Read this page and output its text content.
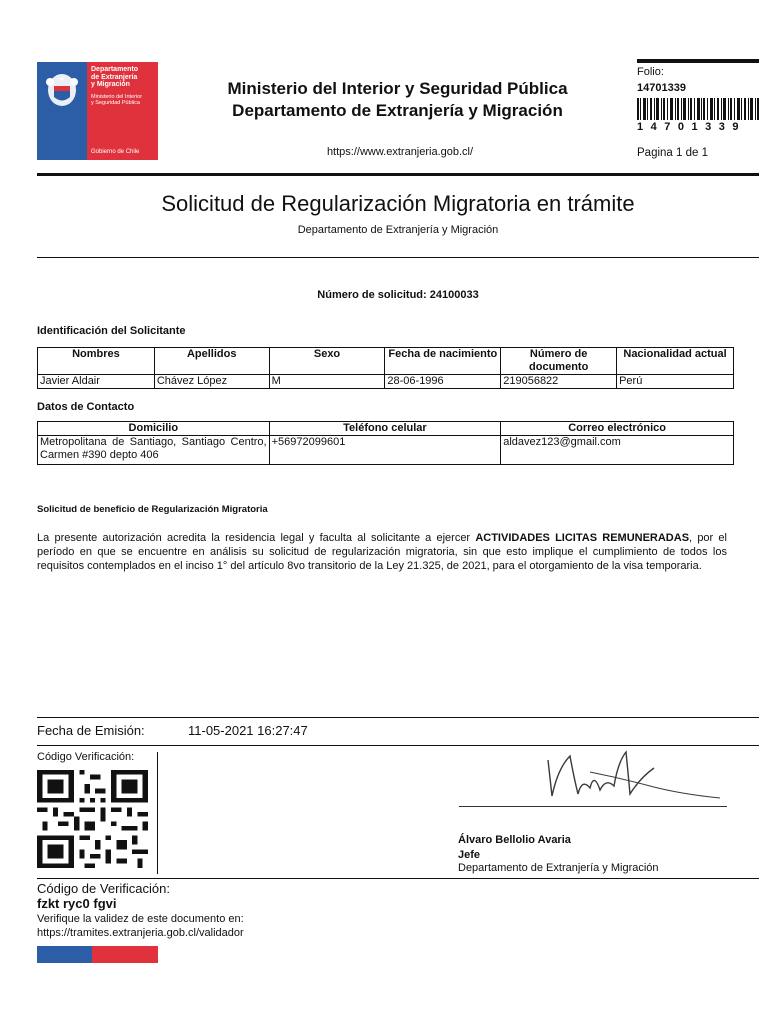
Departamento
de Extranjería
y Migración
Ministerio del Interior
y Seguridad Pública
Gobierno de Chile
Ministerio del Interior y Seguridad Pública
Departamento de Extranjería y Migración
https://www.extranjeria.gob.cl/
Folio:
14701339
14701339
Pagina 1 de 1
Solicitud de Regularización Migratoria en trámite
Departamento de Extranjería y Migración
Número de solicitud: 24100033
Identificación del Solicitante
Nombres	Apellidos	Sexo	Fecha de nacimiento	Número de documento	Nacionalidad actual
Javier Aldair	Chávez López	M	28-06-1996	219056822	Perú
Datos de Contacto
Domicilio	Teléfono celular	Correo electrónico
Metropolitana de Santiago, Santiago Centro, Carmen #390 depto 406	+56972099601	aldavez123@gmail.com
Solicitud de beneficio de Regularización Migratoria
La presente autorización acredita la residencia legal y faculta al solicitante a ejercer ACTIVIDADES LICITAS REMUNERADAS, por el período en que se encuentre en análisis su solicitud de regularización migratoria, sin que esto implique el cumplimiento de todos los requisitos contemplados en el inciso 1° del artículo 8vo transitorio de la Ley 21.325, de 2021, para el otorgamiento de la visa temporaria.
Fecha de Emisión:	11-05-2021 16:27:47
Código Verificación:
Álvaro Bellolio Avaria
Jefe
Departamento de Extranjería y Migración
Código de Verificación:
fzkt ryc0 fgvi
Verifique la validez de este documento en:
https://tramites.extranjeria.gob.cl/validador
